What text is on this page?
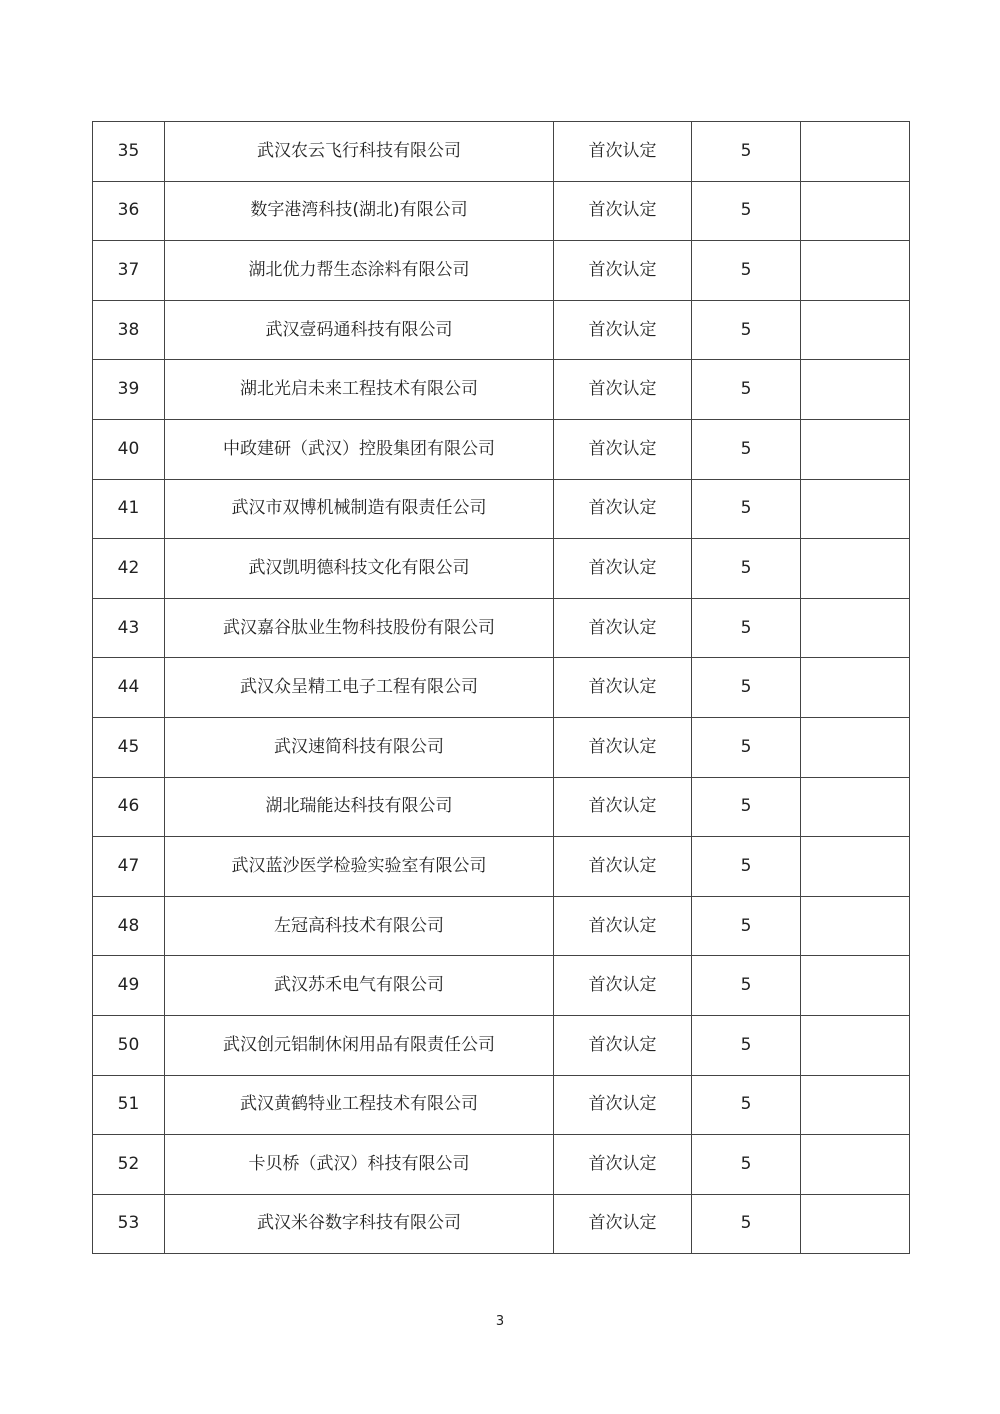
35	武汉农云飞行科技有限公司	首次认定	5	
36	数字港湾科技(湖北)有限公司	首次认定	5	
37	湖北优力帮生态涂料有限公司	首次认定	5	
38	武汉壹码通科技有限公司	首次认定	5	
39	湖北光启未来工程技术有限公司	首次认定	5	
40	中政建研（武汉）控股集团有限公司	首次认定	5	
41	武汉市双博机械制造有限责任公司	首次认定	5	
42	武汉凯明德科技文化有限公司	首次认定	5	
43	武汉嘉谷肽业生物科技股份有限公司	首次认定	5	
44	武汉众呈精工电子工程有限公司	首次认定	5	
45	武汉速简科技有限公司	首次认定	5	
46	湖北瑞能达科技有限公司	首次认定	5	
47	武汉蓝沙医学检验实验室有限公司	首次认定	5	
48	左冠高科技术有限公司	首次认定	5	
49	武汉苏禾电气有限公司	首次认定	5	
50	武汉创元铝制休闲用品有限责任公司	首次认定	5	
51	武汉黄鹤特业工程技术有限公司	首次认定	5	
52	卡贝桥（武汉）科技有限公司	首次认定	5	
53	武汉米谷数字科技有限公司	首次认定	5	
3
